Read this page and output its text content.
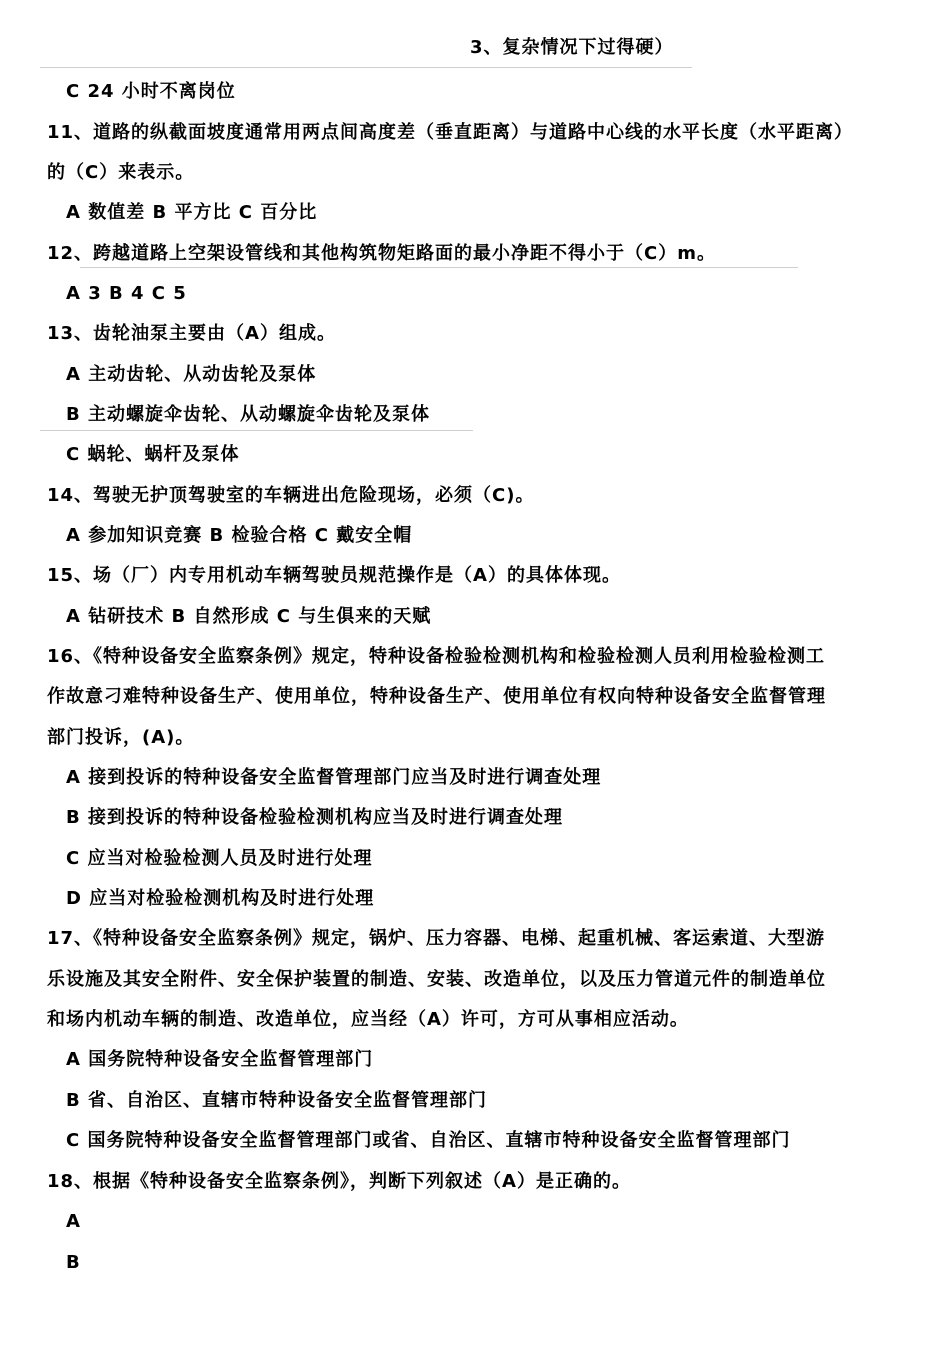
3、复杂情况下过得硬）
C 24 小时不离岗位
11、道路的纵截面坡度通常用两点间高度差（垂直距离）与道路中心线的水平长度（水平距离）
的（C）来表示。
A 数值差 B 平方比 C 百分比
12、跨越道路上空架设管线和其他构筑物矩路面的最小净距不得小于（C）m。
A 3 B 4 C 5
13、齿轮油泵主要由（A）组成。
A 主动齿轮、从动齿轮及泵体
B 主动螺旋伞齿轮、从动螺旋伞齿轮及泵体
C 蜗轮、蜗杆及泵体
14、驾驶无护顶驾驶室的车辆进出危险现场，必须（C)。
A 参加知识竞赛 B 检验合格 C 戴安全帽
15、场（厂）内专用机动车辆驾驶员规范操作是（A）的具体体现。
A 钻研技术 B 自然形成 C 与生俱来的天赋
16、《特种设备安全监察条例》规定，特种设备检验检测机构和检验检测人员利用检验检测工
作故意刁难特种设备生产、使用单位，特种设备生产、使用单位有权向特种设备安全监督管理
部门投诉，(A)。
A 接到投诉的特种设备安全监督管理部门应当及时进行调查处理
B 接到投诉的特种设备检验检测机构应当及时进行调查处理
C 应当对检验检测人员及时进行处理
D 应当对检验检测机构及时进行处理
17、《特种设备安全监察条例》规定，锅炉、压力容器、电梯、起重机械、客运索道、大型游
乐设施及其安全附件、安全保护装置的制造、安装、改造单位，以及压力管道元件的制造单位
和场内机动车辆的制造、改造单位，应当经（A）许可，方可从事相应活动。
A 国务院特种设备安全监督管理部门
B 省、自治区、直辖市特种设备安全监督管理部门
C 国务院特种设备安全监督管理部门或省、自治区、直辖市特种设备安全监督管理部门
18、根据《特种设备安全监察条例》，判断下列叙述（A）是正确的。
A
B
